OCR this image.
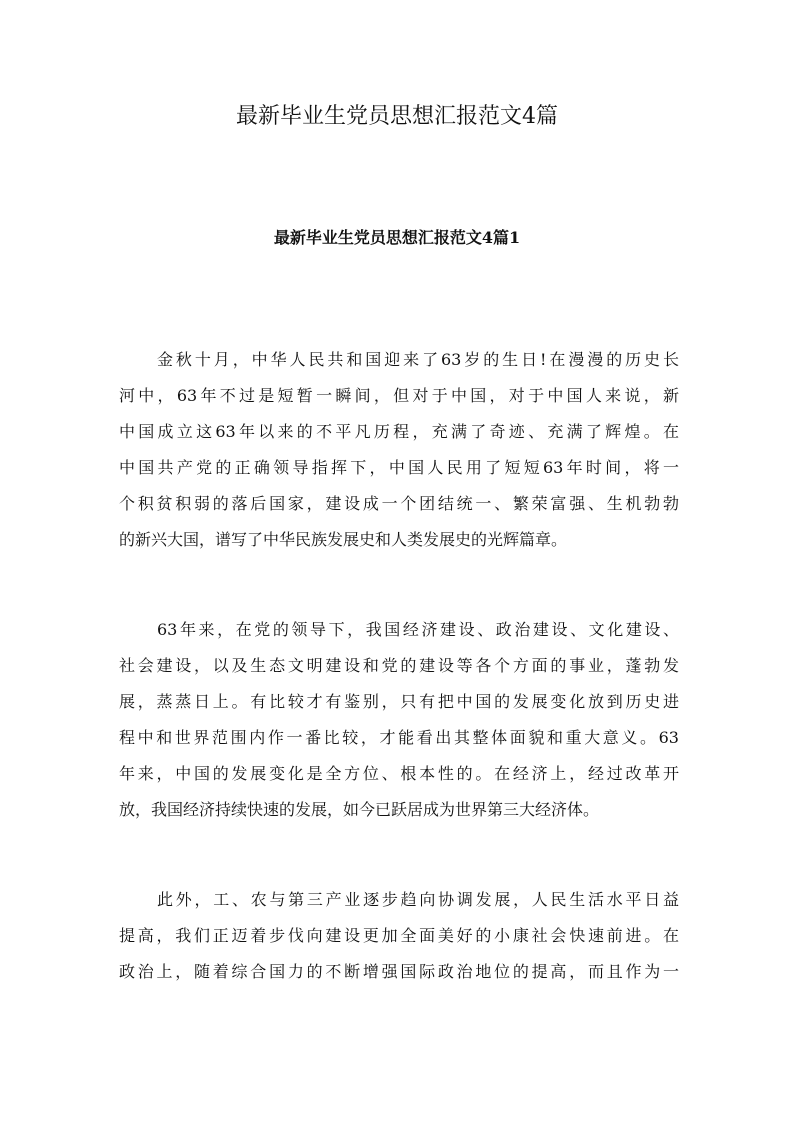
最新毕业生党员思想汇报范文4篇
最新毕业生党员思想汇报范文4篇1
金秋十月，中华人民共和国迎来了63岁的生日!在漫漫的历史长
河中，63年不过是短暂一瞬间，但对于中国，对于中国人来说，新
中国成立这63年以来的不平凡历程，充满了奇迹、充满了辉煌。在
中国共产党的正确领导指挥下，中国人民用了短短63年时间，将一
个积贫积弱的落后国家，建设成一个团结统一、繁荣富强、生机勃勃
的新兴大国，谱写了中华民族发展史和人类发展史的光辉篇章。
63年来，在党的领导下，我国经济建设、政治建设、文化建设、
社会建设，以及生态文明建设和党的建设等各个方面的事业，蓬勃发
展，蒸蒸日上。有比较才有鉴别，只有把中国的发展变化放到历史进
程中和世界范围内作一番比较，才能看出其整体面貌和重大意义。63
年来，中国的发展变化是全方位、根本性的。在经济上，经过改革开
放，我国经济持续快速的发展，如今已跃居成为世界第三大经济体。
此外，工、农与第三产业逐步趋向协调发展，人民生活水平日益
提高，我们正迈着步伐向建设更加全面美好的小康社会快速前进。在
政治上，随着综合国力的不断增强国际政治地位的提高，而且作为一
